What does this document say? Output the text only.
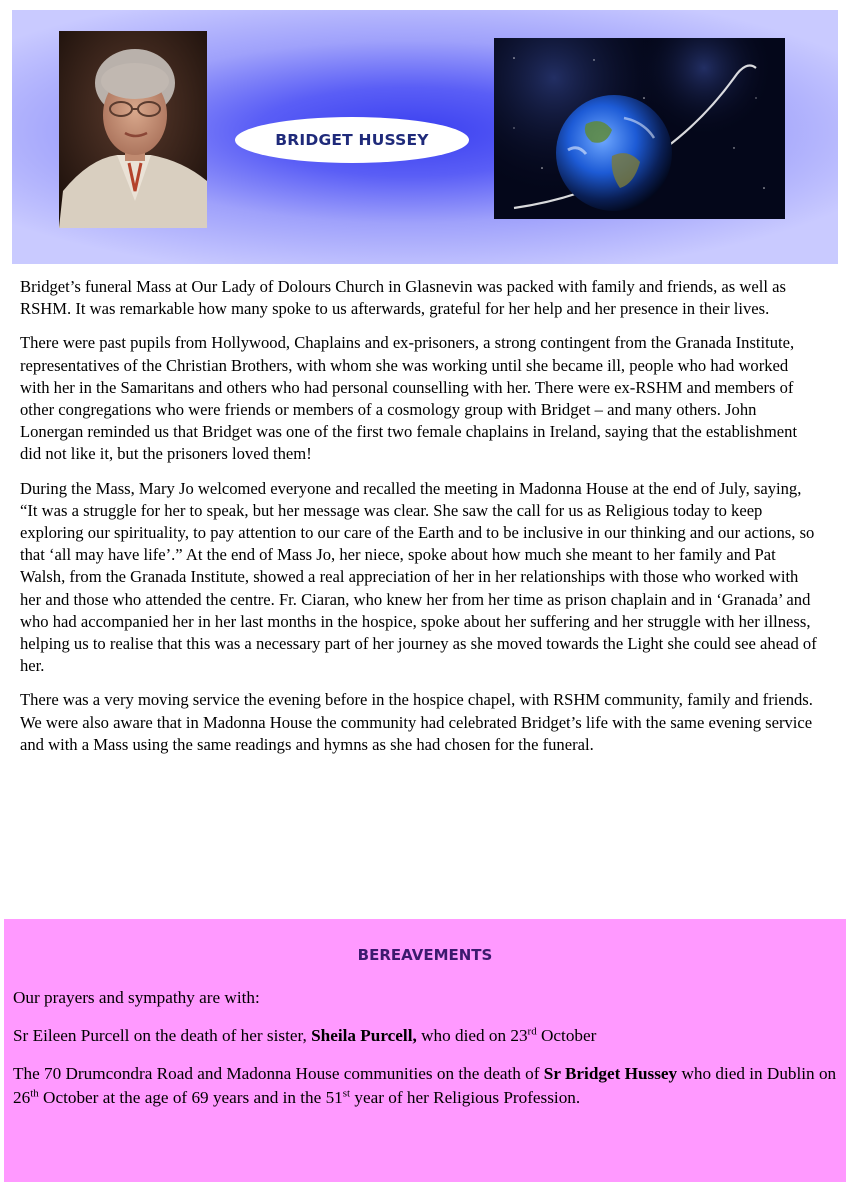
BRIDGET HUSSEY

Bridget’s funeral Mass at Our Lady of Dolours Church in Glasnevin was packed with family and friends, as well as RSHM. It was remarkable how many spoke to us afterwards, grateful for her help and her presence in their lives.

There were past pupils from Hollywood, Chaplains and ex-prisoners, a strong contingent from the Granada Institute, representatives of the Christian Brothers, with whom she was working until she became ill, people who had worked with her in the Samaritans and others who had personal counselling with her. There were ex-RSHM and members of other congregations who were friends or members of a cosmology group with Bridget – and many others. John Lonergan reminded us that Bridget was one of the first two female chaplains in Ireland, saying that the establishment did not like it, but the prisoners loved them!

During the Mass, Mary Jo welcomed everyone and recalled the meeting in Madonna House at the end of July, saying, “It was a struggle for her to speak, but her message was clear. She saw the call for us as Religious today to keep exploring our spirituality, to pay attention to our care of the Earth and to be inclusive in our thinking and our actions, so that ‘all may have life’.” At the end of Mass Jo, her niece, spoke about how much she meant to her family and Pat Walsh, from the Granada Institute, showed a real appreciation of her in her relationships with those who worked with her and those who attended the centre. Fr. Ciaran, who knew her from her time as prison chaplain and in ‘Granada’ and who had accompanied her in her last months in the hospice, spoke about her suffering and her struggle with her illness, helping us to realise that this was a necessary part of her journey as she moved towards the Light she could see ahead of her.

There was a very moving service the evening before in the hospice chapel, with RSHM community, family and friends. We were also aware that in Madonna House the community had celebrated Bridget’s life with the same evening service and with a Mass using the same readings and hymns as she had chosen for the funeral.

BEREAVEMENTS

Our prayers and sympathy are with:

Sr Eileen Purcell on the death of her sister, Sheila Purcell, who died on 23rd October

The 70 Drumcondra Road and Madonna House communities on the death of Sr Bridget Hussey who died in Dublin on 26th October at the age of 69 years and in the 51st year of her Religious Profession.
